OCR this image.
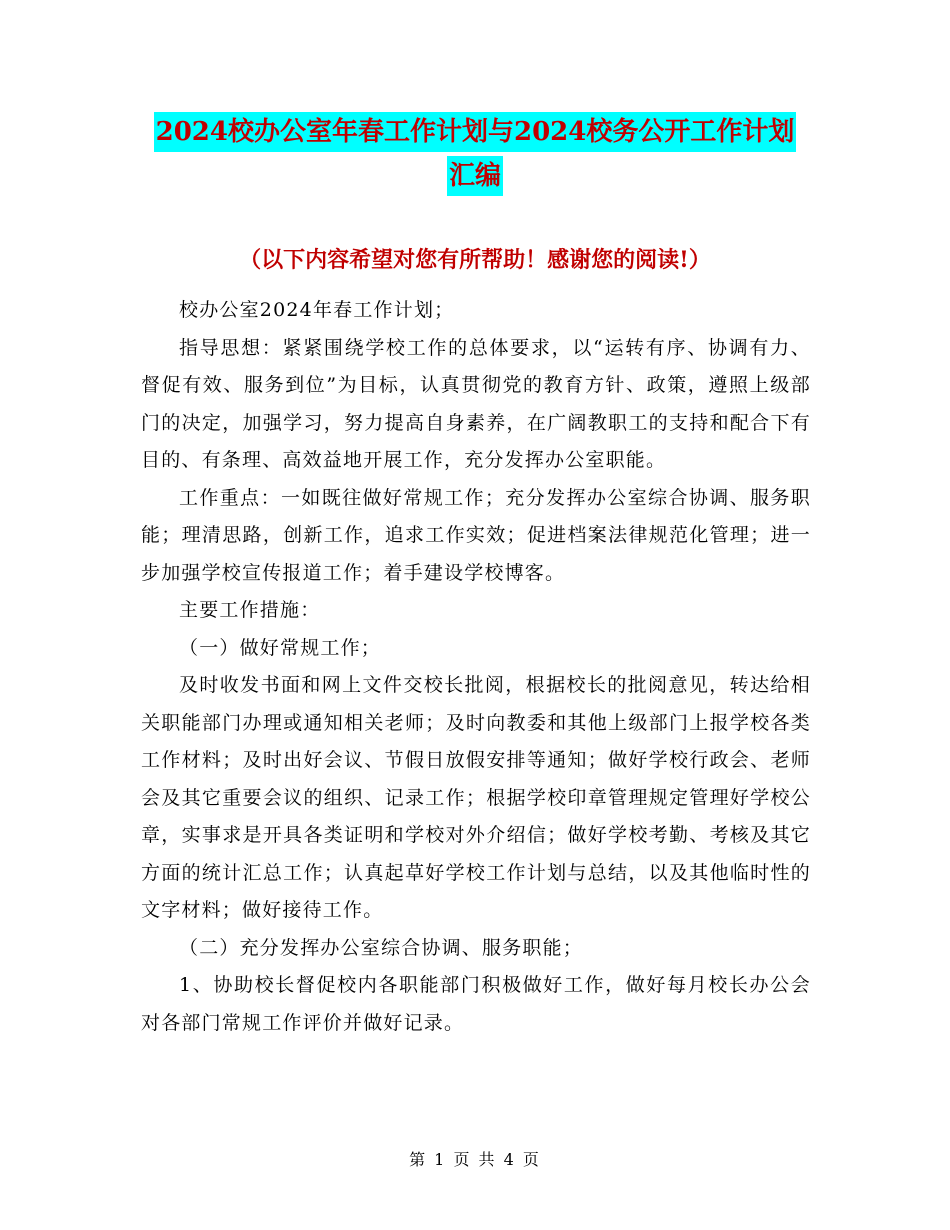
2024校办公室年春工作计划与2024校务公开工作计划
汇编
（以下内容希望对您有所帮助！感谢您的阅读!）

校办公室2024年春工作计划；

指导思想：紧紧围绕学校工作的总体要求，以“运转有序、协调有力、督促有效、服务到位”为目标，认真贯彻党的教育方针、政策，遵照上级部门的决定，加强学习，努力提高自身素养，在广阔教职工的支持和配合下有目的、有条理、高效益地开展工作，充分发挥办公室职能。

工作重点：一如既往做好常规工作；充分发挥办公室综合协调、服务职能；理清思路，创新工作，追求工作实效；促进档案法律规范化管理；进一步加强学校宣传报道工作；着手建设学校博客。

主要工作措施：

（一）做好常规工作；

及时收发书面和网上文件交校长批阅，根据校长的批阅意见，转达给相关职能部门办理或通知相关老师；及时向教委和其他上级部门上报学校各类工作材料；及时出好会议、节假日放假安排等通知；做好学校行政会、老师会及其它重要会议的组织、记录工作；根据学校印章管理规定管理好学校公章，实事求是开具各类证明和学校对外介绍信；做好学校考勤、考核及其它方面的统计汇总工作；认真起草好学校工作计划与总结，以及其他临时性的文字材料；做好接待工作。

（二）充分发挥办公室综合协调、服务职能；

1、协助校长督促校内各职能部门积极做好工作，做好每月校长办公会对各部门常规工作评价并做好记录。

第 1 页 共 4 页
